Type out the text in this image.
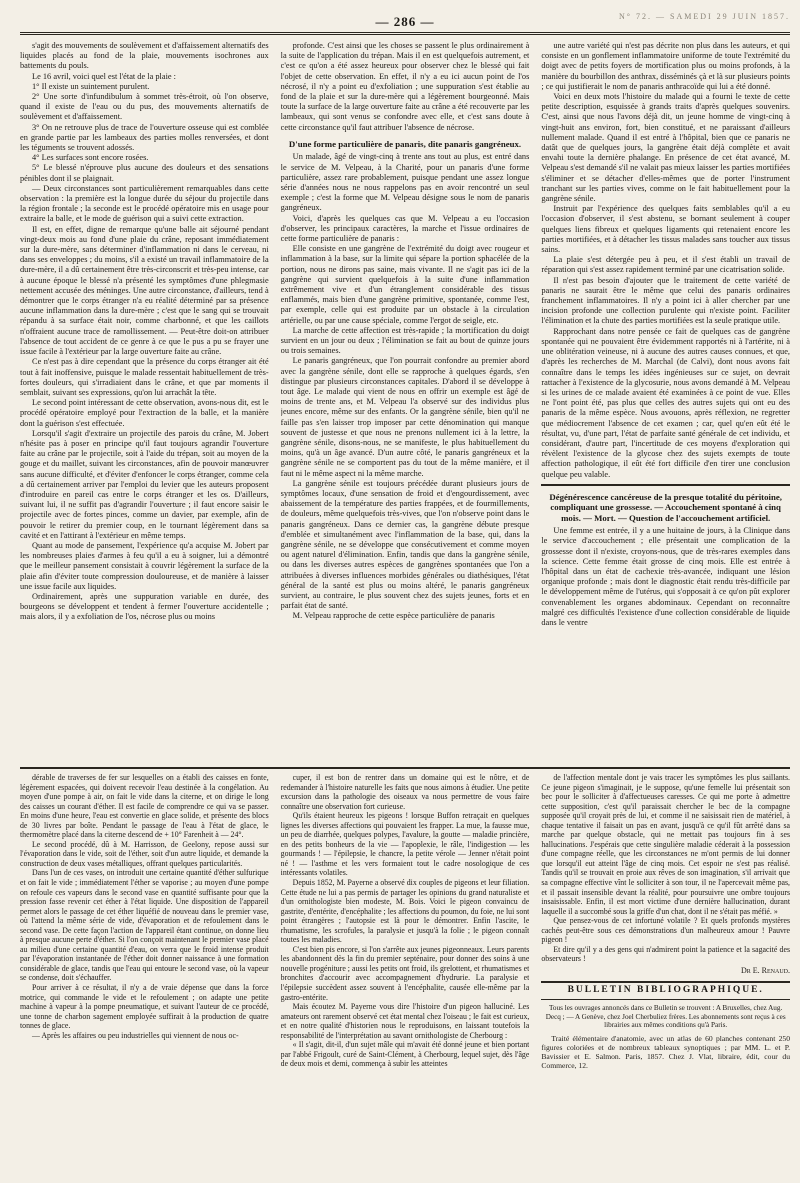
— 286 —	N° 72. — SAMEDI 29 JUIN 1857.

s'agit des mouvements de soulèvement et d'affaissement alternatifs des liquides placés au fond de la plaie, mouvements isochrones aux battements du pouls.

Le 16 avril, voici quel est l'état de la plaie :

1° Il existe un suintement purulent.

2° Une sorte d'infundibulum à sommet très-étroit, où l'on observe, quand il existe de l'eau ou du pus, des mouvements alternatifs de soulèvement et d'affaissement.

3° On ne retrouve plus de trace de l'ouverture osseuse qui est comblée en grande partie par les lambeaux des parties molles renversées, et dont les téguments se trouvent adossés.

4° Les surfaces sont encore rosées.

5° Le blessé n'éprouve plus aucune des douleurs et des sensations pénibles dont il se plaignait.

— Deux circonstances sont particulièrement remarquables dans cette observation : la première est la longue durée du séjour du projectile dans la région frontale ; la seconde est le procédé opératoire mis en usage pour extraire la balle, et le mode de guérison qui a suivi cette extraction.

Il est, en effet, digne de remarque qu'une balle ait séjourné pendant vingt-deux mois au fond d'une plaie du crâne, reposant immédiatement sur la dure-mère, sans déterminer d'inflammation ni dans le cerveau, ni dans ses enveloppes ; du moins, s'il a existé un travail inflammatoire de la dure-mère, il a dû certainement être très-circonscrit et très-peu intense, car à aucune époque le blessé n'a présenté les symptômes d'une phlegmasie nettement accusée des méninges. Une autre circonstance, d'ailleurs, tend à démontrer que le corps étranger n'a eu réalité déterminé par sa présence aucune inflammation dans la dure-mère ; c'est que le sang qui se trouvait répandu à sa surface était noir, comme charbonné, et que les caillots n'offraient aucune trace de ramollissement. — Peut-être doit-on attribuer l'absence de tout accident de ce genre à ce que le pus a pu se frayer une issue facile à l'extérieur par la large ouverture faite au crâne.

Ce n'est pas à dire cependant que la présence du corps étranger ait été tout à fait inoffensive, puisque le malade ressentait habituellement de très-fortes douleurs, qui s'irradiaient dans le crâne, et que par moments il semblait, suivant ses expressions, qu'on lui arrachât la tête.

Le second point intéressant de cette observation, avons-nous dit, est le procédé opératoire employé pour l'extraction de la balle, et la manière dont la guérison s'est effectuée.

Lorsqu'il s'agit d'extraire un projectile des parois du crâne, M. Jobert n'hésite pas à poser en principe qu'il faut toujours agrandir l'ouverture faite au crâne par le projectile, soit à l'aide du trépan, soit au moyen de la gouge et du maillet, suivant les circonstances, afin de pouvoir manœuvrer sans aucune difficulté, et d'éviter d'enfoncer le corps étranger, comme cela a dû certainement arriver par l'emploi du levier que les auteurs proposent d'introduire en pareil cas entre le corps étranger et les os. D'ailleurs, suivant lui, il ne suffit pas d'agrandir l'ouverture ; il faut encore saisir le projectile avec de fortes pinces, comme un davier, par exemple, afin de pouvoir le retirer du premier coup, en le tournant légèrement dans sa cavité et en l'attirant à l'extérieur en même temps.

Quant au mode de pansement, l'expérience qu'a acquise M. Jobert par les nombreuses plaies d'armes à feu qu'il a eu à soigner, lui a démontré que le meilleur pansement consistait à couvrir légèrement la surface de la plaie afin d'éviter toute compression douloureuse, et de manière à laisser une issue facile aux liquides.

Ordinairement, après une suppuration variable en durée, des bourgeons se développent et tendent à fermer l'ouverture accidentelle ; mais alors, il y a exfoliation de l'os, nécrose plus ou moins

profonde. C'est ainsi que les choses se passent le plus ordinairement à la suite de l'application du trépan. Mais il en est quelquefois autrement, et c'est ce qu'on a été assez heureux pour observer chez le blessé qui fait l'objet de cette observation. En effet, il n'y a eu ici aucun point de l'os nécrosé, il n'y a point eu d'exfoliation ; une suppuration s'est établie au fond de la plaie et sur la dure-mère qui a légèrement bourgeonné. Mais toute la surface de la large ouverture faite au crâne a été recouverte par les lambeaux, qui sont venus se confondre avec elle, et c'est sans doute à cette circonstance qu'il faut attribuer l'absence de nécrose.

D'une forme particulière de panaris, dite panaris gangréneux.

Un malade, âgé de vingt-cinq à trente ans tout au plus, est entré dans le service de M. Velpeau, à la Charité, pour un panaris d'une forme particulière, assez rare probablement, puisque pendant une assez longue série d'années nous ne nous rappelons pas en avoir rencontré un seul exemple ; c'est la forme que M. Velpeau désigne sous le nom de panaris gangréneux.

Voici, d'après les quelques cas que M. Velpeau a eu l'occasion d'observer, les principaux caractères, la marche et l'issue ordinaires de cette forme particulière de panaris :

Elle consiste en une gangrène de l'extrémité du doigt avec rougeur et inflammation à la base, sur la limite qui sépare la portion sphacélée de la portion, nous ne dirons pas saine, mais vivante. Il ne s'agit pas ici de la gangrène qui survient quelquefois à la suite d'une inflammation extrêmement vive et d'un étranglement considérable des tissus enflammés, mais bien d'une gangrène primitive, spontanée, comme l'est, par exemple, celle qui est produite par un obstacle à la circulation artérielle, ou par une cause spéciale, comme l'ergot de seigle, etc.

La marche de cette affection est très-rapide ; la mortification du doigt survient en un jour ou deux ; l'élimination se fait au bout de quinze jours ou trois semaines.

Le panaris gangréneux, que l'on pourrait confondre au premier abord avec la gangrène sénile, dont elle se rapproche à quelques égards, s'en distingue par plusieurs circonstances capitales. D'abord il se développe à tout âge. Le malade qui vient de nous en offrir un exemple est âgé de moins de trente ans, et M. Velpeau l'a observé sur des individus plus jeunes encore, même sur des enfants. Or la gangrène sénile, bien qu'il ne faille pas s'en laisser trop imposer par cette dénomination qui manque souvent de justesse et que nous ne prenons nullement ici à la lettre, la gangrène sénile, disons-nous, ne se manifeste, le plus habituellement du moins, qu'à un âge avancé. D'un autre côté, le panaris gangréneux et la gangrène sénile ne se comportent pas du tout de la même manière, et il faut ni le même aspect ni la même marche.

La gangrène sénile est toujours précédée durant plusieurs jours de symptômes locaux, d'une sensation de froid et d'engourdissement, avec abaissement de la température des parties frappées, et de fourmillements, de douleurs, même quelquefois très-vives, que l'on n'observe point dans le panaris gangréneux. Dans ce dernier cas, la gangrène débute presque d'emblée et simultanément avec l'inflammation de la base, qui, dans la gangrène sénile, ne se développe que consécutivement et comme moyen ou agent naturel d'élimination. Enfin, tandis que dans la gangrène sénile, ou dans les diverses autres espèces de gangrènes spontanées que l'on a attribuées à diverses influences morbides générales ou diathésiques, l'état général de la santé est plus ou moins altéré, le panaris gangréneux survient, au contraire, le plus souvent chez des sujets jeunes, forts et en parfait état de santé.

M. Velpeau rapproche de cette espèce particulière de panaris

une autre variété qui n'est pas décrite non plus dans les auteurs, et qui consiste en un gonflement inflammatoire uniforme de toute l'extrémité du doigt avec de petits foyers de mortification plus ou moins profonds, à la manière du bourbillon des anthrax, disséminés çà et là sur plusieurs points ; ce qui justifierait le nom de panaris anthracoïde qui lui a été donné.

Voici en deux mots l'histoire du malade qui a fourni le texte de cette petite description, esquissée à grands traits d'après quelques souvenirs. C'est, ainsi que nous l'avons déjà dit, un jeune homme de vingt-cinq à vingt-huit ans environ, fort, bien constitué, et ne paraissant d'ailleurs nullement malade. Quand il est entré à l'hôpital, bien que ce panaris ne datât que de quelques jours, la gangrène était déjà complète et avait envahi toute la dernière phalange. En présence de cet état avancé, M. Velpeau s'est demandé s'il ne valait pas mieux laisser les parties mortifiées s'éliminer et se détacher d'elles-mêmes que de porter l'instrument tranchant sur les parties vives, comme on le fait habituellement pour la gangrène sénile.

Instruit par l'expérience des quelques faits semblables qu'il a eu l'occasion d'observer, il s'est abstenu, se bornant seulement à couper quelques liens fibreux et quelques ligaments qui retenaient encore les parties mortifiées, et à détacher les tissus malades sans toucher aux tissus sains.

La plaie s'est détergée peu à peu, et il s'est établi un travail de réparation qui s'est assez rapidement terminé par une cicatrisation solide.

Il n'est pas besoin d'ajouter que le traitement de cette variété de panaris ne saurait être le même que celui des panaris ordinaires franchement inflammatoires. Il n'y a point ici à aller chercher par une incision profonde une collection purulente qui n'existe point. Faciliter l'élimination et la chute des parties mortifiées est la seule pratique utile.

Rapprochant dans notre pensée ce fait de quelques cas de gangrène spontanée qui ne pouvaient être évidemment rapportés ni à l'artérite, ni à une oblitération veineuse, ni à aucune des autres causes connues, et que, d'après les recherches de M. Marchal (de Calvi), dont nous avons fait connaître dans le temps les idées ingénieuses sur ce sujet, on devrait rattacher à l'existence de la glycosurie, nous avons demandé à M. Velpeau si les urines de ce malade avaient été examinées à ce point de vue. Elles ne l'ont point été, pas plus que celles des autres sujets qui ont eu des panaris de la même espèce. Nous avouons, après réflexion, ne regretter que médiocrement l'absence de cet examen ; car, quel qu'en eût été le résultat, vu, d'une part, l'état de parfaite santé générale de cet individu, et considérant, d'autre part, l'incertitude de ces moyens d'exploration qui révèlent l'existence de la glycose chez des sujets exempts de toute affection pathologique, il eût été fort difficile d'en tirer une conclusion quelque peu valable.

Dégénérescence cancéreuse de la presque totalité du péritoine, compliquant une grossesse. — Accouchement spontané à cinq mois. — Mort. — Question de l'accouchement artificiel.

Une femme est entrée, il y a une huitaine de jours, à la Clinique dans le service d'accouchement ; elle présentait une complication de la grossesse dont il n'existe, croyons-nous, que de très-rares exemples dans la science. Cette femme était grosse de cinq mois. Elle est entrée à l'hôpital dans un état de cachexie très-avancée, indiquant une lésion organique profonde ; mais dont le diagnostic était rendu très-difficile par le développement même de l'utérus, qui s'opposait à ce qu'on pût explorer convenablement les organes abdominaux. Cependant on reconnaître malgré ces difficultés l'existence d'une collection considérable de liquide dans le ventre

dérable de traverses de fer sur lesquelles on a établi des caisses en fonte, légèrement espacées, qui doivent recevoir l'eau destinée à la congélation. Au moyen d'une pompe à air, on fait le vide dans la citerne, et on dirige le long des caisses un courant d'éther. Il est facile de comprendre ce qui va se passer. En moins d'une heure, l'eau est convertie en glace solide, et présente des blocs de 30 livres par boîte. Pendant le passage de l'eau à l'état de glace, le thermomètre placé dans la citerne descend de + 10° Farenheit à — 24°.

Le second procédé, dû à M. Harrisson, de Geelony, repose aussi sur l'évaporation dans le vide, soit de l'éther, soit d'un autre liquide, et demande la construction de deux vases métalliques, offrant quelques particularités.

Dans l'un de ces vases, on introduit une certaine quantité d'éther sulfurique et on fait le vide ; immédiatement l'éther se vaporise ; au moyen d'une pompe on refoule ces vapeurs dans le second vase en quantité suffisante pour que la pression fasse revenir cet éther à l'état liquide. Une disposition de l'appareil permet alors le passage de cet éther liquéfié de nouveau dans le premier vase, où l'attend la même série de vide, d'évaporation et de refoulement dans le second vase. De cette façon l'action de l'appareil étant continue, on donne lieu à presque aucune perte d'éther. Si l'on conçoit maintenant le premier vase placé au milieu d'une certaine quantité d'eau, on verra que le froid intense produit par l'évaporation instantanée de l'éther doit donner naissance à une formation considérable de glace, tandis que l'eau qui entoure le second vase, où la vapeur se condense, doit s'échauffer.

Pour arriver à ce résultat, il n'y a de vraie dépense que dans la force motrice, qui commande le vide et le refoulement ; on adapte une petite machine à vapeur à la pompe pneumatique, et suivant l'auteur de ce procédé, une tonne de charbon sagement employée suffirait à la production de quatre tonnes de glace.

— Après les affaires ou peu industrielles qui viennent de nous oc-

cuper, il est bon de rentrer dans un domaine qui est le nôtre, et de redemander à l'histoire naturelle les faits que nous aimons à étudier. Une petite excursion dans la pathologie des oiseaux va nous permettre de vous faire connaître une observation fort curieuse.

Qu'ils étaient heureux les pigeons ! lorsque Buffon retraçait en quelques lignes les diverses affections qui pouvaient les frapper. La mue, la fausse mue, un peu de diarrhée, quelques polypes, l'avalure, la goutte — maladie princière, en des petits bonheurs de la vie — l'apoplexie, le râle, l'indigestion — les gourmands ! — l'épilepsie, le chancre, la petite vérole — Jenner n'était point né ! — l'asthme et les vers formaient tout le cadre nosologique de ces intéressants volatiles.

Depuis 1852, M. Payerne a observé dix couples de pigeons et leur filiation. Cette étude ne lui a pas permis de partager les opinions du grand naturaliste et d'un ornithologiste bien modeste, M. Bois. Voici le pigeon convaincu de gastrite, d'entérite, d'encéphalite ; les affections du poumon, du foie, ne lui sont point étrangères ; l'autopsie est là pour le démontrer. Enfin l'ascite, le rhumatisme, les scrofules, la paralysie et jusqu'à la folie ; le pigeon connaît toutes les maladies.

C'est bien pis encore, si l'on s'arrête aux jeunes pigeonneaux. Leurs parents les abandonnent dès la fin du premier septénaire, pour donner des soins à une nouvelle progéniture ; aussi les petits ont froid, ils grelottent, et rhumatismes et bronchites d'accourir avec accompagnement d'hydrurie. La paralysie et l'épilepsie succèdent assez souvent à l'encéphalite, causée elle-même par la gastro-entérite.

Mais écoutez M. Payerne vous dire l'histoire d'un pigeon halluciné. Les amateurs ont rarement observé cet état mental chez l'oiseau ; le fait est curieux, et en notre qualité d'historien nous le reproduisons, en laissant toutefois la responsabilité de l'interprétation au savant ornithologiste de Cherbourg :

« Il s'agit, dit-il, d'un sujet mâle qui m'avait été donné jeune et bien portant par l'abbé Frigoult, curé de Saint-Clément, à Cherbourg, lequel sujet, dès l'âge de deux mois et demi, commença à subir les atteintes

de l'affection mentale dont je vais tracer les symptômes les plus saillants. Ce jeune pigeon s'imaginait, je le suppose, qu'une femelle lui présentait son bec pour le solliciter à d'affectueuses caresses. Ce qui me porte à admettre cette supposition, c'est qu'il paraissait chercher le bec de la compagne supposée qu'il croyait près de lui, et comme il ne saisissait rien de matériel, à chaque tentative il faisait un pas en avant, jusqu'à ce qu'il fût arrêté dans sa marche par quelque obstacle, qui ne mettait pas toujours fin à ses hallucinations. J'espérais que cette singulière maladie céderait à la possession d'une compagne réelle, que les circonstances ne m'ont permis de lui donner que lorsqu'il eut atteint l'âge de cinq mois. Cet espoir ne s'est pas réalisé. Tandis qu'il se trouvait en proie aux rêves de son imagination, s'il arrivait que sa compagne effective vînt le solliciter à son tour, il ne l'apercevait même pas, et il passait insensible devant la réalité, pour poursuivre une ombre toujours insaisissable. Enfin, il est mort victime d'une dernière hallucination, durant laquelle il a succombé sous la griffe d'un chat, dont il ne s'était pas méfié. »

Que pensez-vous de cet infortuné volatile ? Et quels profonds mystères cachés peut-être sous ces démonstrations d'un malheureux amour ! Pauvre pigeon !

Et dire qu'il y a des gens qui n'admirent point la patience et la sagacité des observateurs !

Dr E. Renaud.
BULLETIN BIBLIOGRAPHIQUE.
Tous les ouvrages annoncés dans ce Bulletin se trouvent : A Bruxelles, chez Aug. Decq ; — A Genève, chez Joel Cherbuliez frères. Les abonnements sont reçus à ces librairies aux mêmes conditions qu'à Paris.
Traité élémentaire d'anatomie, avec un atlas de 60 planches contenant 250 figures coloriées et de nombreux tableaux synoptiques ; par MM. L. et P. Bavissier et E. Salmon. Paris, 1857. Chez J. Vlat, libraire, édit, cour du Commerce, 12.
